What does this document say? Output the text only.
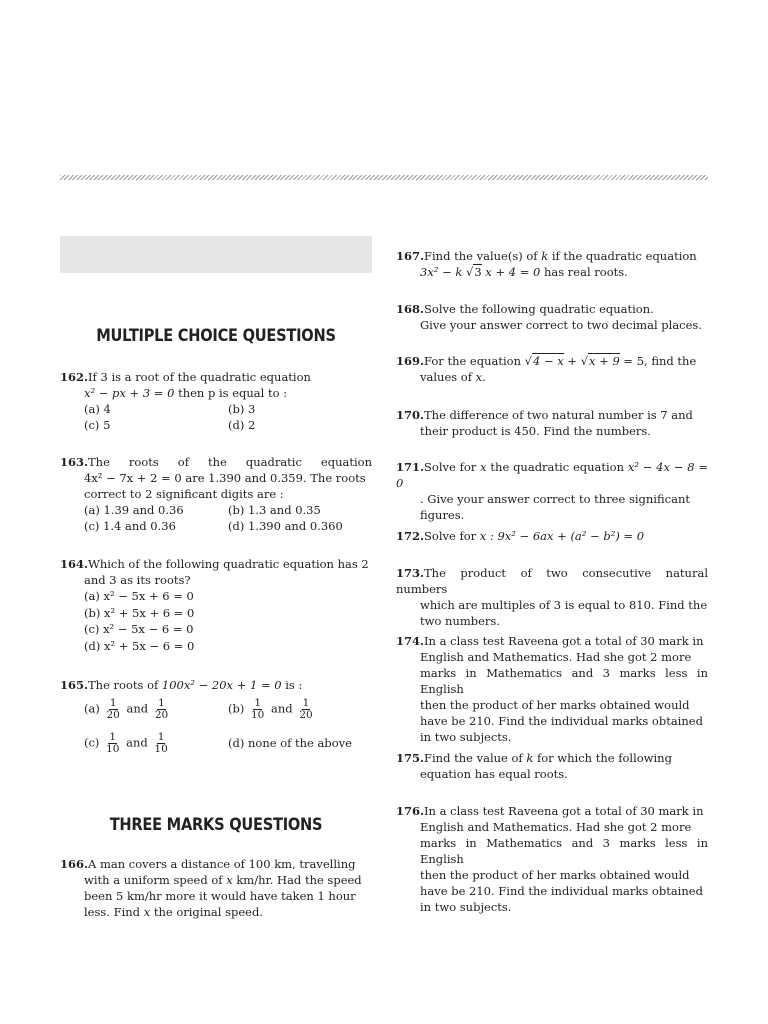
MULTIPLE CHOICE QUESTIONS
162.If 3 is a root of the quadratic equation
x² − px + 3 = 0 then p is equal to :
(a) 4	(b) 3
(c) 5	(d) 2
163.The roots of the quadratic equation
4x² − 7x + 2 = 0 are 1.390 and 0.359. The roots
correct to 2 significant digits are :
(a) 1.39 and 0.36	(b) 1.3 and 0.35
(c) 1.4 and 0.36	(d) 1.390 and 0.360
164.Which of the following quadratic equation has 2
and 3 as its roots?
(a) x² − 5x + 6 = 0
(b) x² + 5x + 6 = 0
(c) x² − 5x − 6 = 0
(d) x² + 5x − 6 = 0
165.The roots of 100x² − 20x + 1 = 0 is :
$(a) \frac{1}{20}$ and $\frac{1}{20}$	$(b) \frac{1}{10}$ and $\frac{1}{20}$
$(c) \frac{1}{10}$ and $\frac{1}{10}$	(d) none of the above
THREE MARKS QUESTIONS
166.A man covers a distance of 100 km, travelling
with a uniform speed of x km/hr. Had the speed
been 5 km/hr more it would have taken 1 hour
less. Find x the original speed.
167.Find the value(s) of k if the quadratic equation
3x² − k √3 x + 4 = 0 has real roots.
168.Solve the following quadratic equation.
Give your answer correct to two decimal places.
169.For the equation √4 − x + √x + 9 = 5, find the
values of x.
170.The difference of two natural number is 7 and
their product is 450. Find the numbers.
171.Solve for x the quadratic equation x² − 4x − 8 = 0
. Give your answer correct to three significant
figures.
172.Solve for x : 9x² − 6ax + (a² − b²) = 0
173.The product of two consecutive natural numbers
which are multiples of 3 is equal to 810. Find the
two numbers.
174.In a class test Raveena got a total of 30 mark in
English and Mathematics. Had she got 2 more
marks in Mathematics and 3 marks less in English
then the product of her marks obtained would
have be 210. Find the individual marks obtained
in two subjects.
175.Find the value of k for which the following
equation has equal roots.
176.In a class test Raveena got a total of 30 mark in
English and Mathematics. Had she got 2 more
marks in Mathematics and 3 marks less in English
then the product of her marks obtained would
have be 210. Find the individual marks obtained
in two subjects.
